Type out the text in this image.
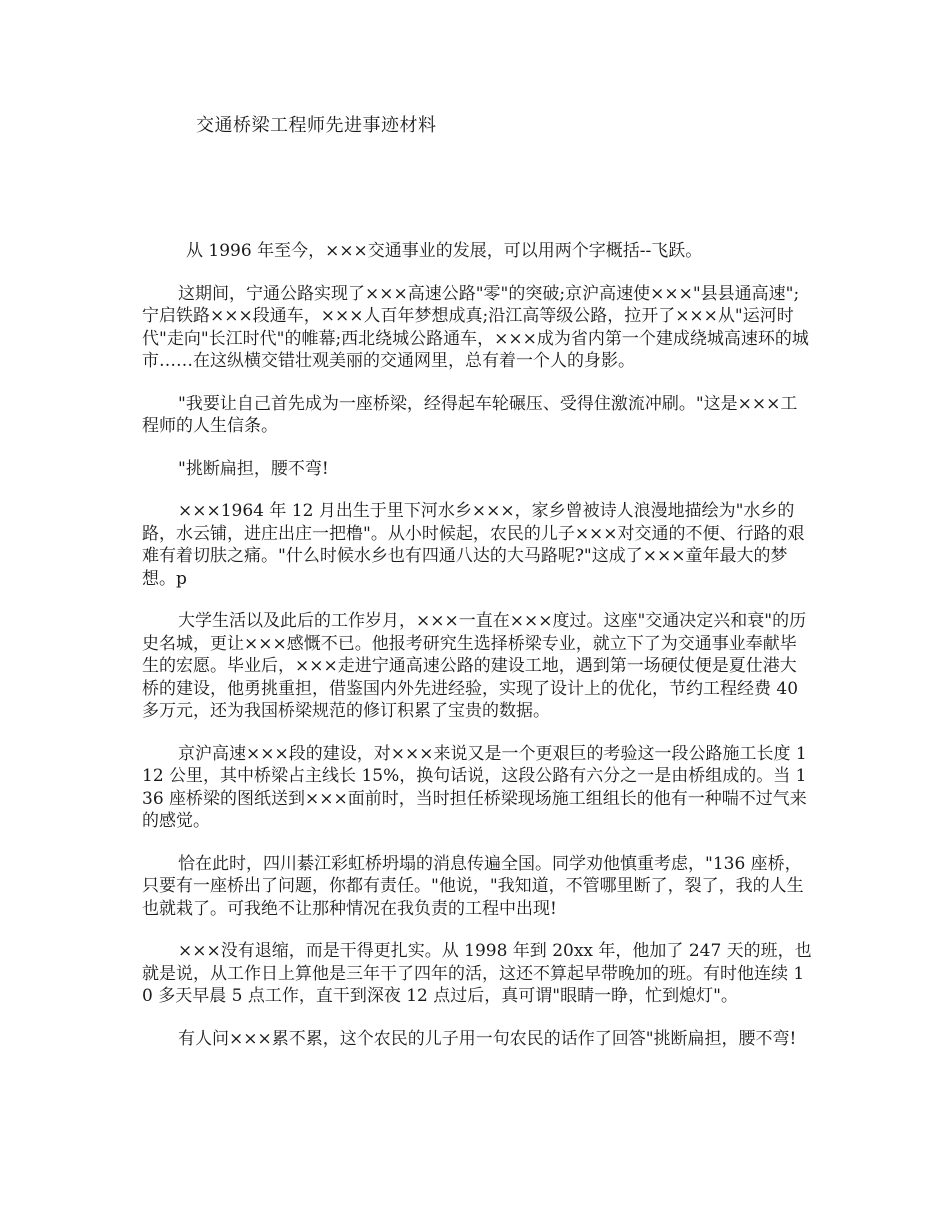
交通桥梁工程师先进事迹材料

从 1996 年至今，×××交通事业的发展，可以用两个字概括--飞跃。

这期间，宁通公路实现了×××高速公路"零"的突破;京沪高速使×××"县县通高速";宁启铁路×××段通车，×××人百年梦想成真;沿江高等级公路，拉开了×××从"运河时代"走向"长江时代"的帷幕;西北绕城公路通车，×××成为省内第一个建成绕城高速环的城市……在这纵横交错壮观美丽的交通网里，总有着一个人的身影。

"我要让自己首先成为一座桥梁，经得起车轮碾压、受得住激流冲刷。"这是×××工程师的人生信条。

"挑断扁担，腰不弯!

×××1964 年 12 月出生于里下河水乡×××，家乡曾被诗人浪漫地描绘为"水乡的路，水云铺，进庄出庄一把橹"。从小时候起，农民的儿子×××对交通的不便、行路的艰难有着切肤之痛。"什么时候水乡也有四通八达的大马路呢?"这成了×××童年最大的梦想。p

大学生活以及此后的工作岁月，×××一直在×××度过。这座"交通决定兴和衰"的历史名城，更让×××感慨不已。他报考研究生选择桥梁专业，就立下了为交通事业奉献毕生的宏愿。毕业后，×××走进宁通高速公路的建设工地，遇到第一场硬仗便是夏仕港大桥的建设，他勇挑重担，借鉴国内外先进经验，实现了设计上的优化，节约工程经费 40 多万元，还为我国桥梁规范的修订积累了宝贵的数据。

京沪高速×××段的建设，对×××来说又是一个更艰巨的考验这一段公路施工长度 112 公里，其中桥梁占主线长 15%，换句话说，这段公路有六分之一是由桥组成的。当 136 座桥梁的图纸送到×××面前时，当时担任桥梁现场施工组组长的他有一种喘不过气来的感觉。

恰在此时，四川綦江彩虹桥坍塌的消息传遍全国。同学劝他慎重考虑，"136 座桥，只要有一座桥出了问题，你都有责任。"他说，"我知道，不管哪里断了，裂了，我的人生也就栽了。可我绝不让那种情况在我负责的工程中出现!

×××没有退缩，而是干得更扎实。从 1998 年到 20xx 年，他加了 247 天的班，也就是说，从工作日上算他是三年干了四年的活，这还不算起早带晚加的班。有时他连续 10 多天早晨 5 点工作，直干到深夜 12 点过后，真可谓"眼睛一睁，忙到熄灯"。

有人问×××累不累，这个农民的儿子用一句农民的话作了回答"挑断扁担，腰不弯!
